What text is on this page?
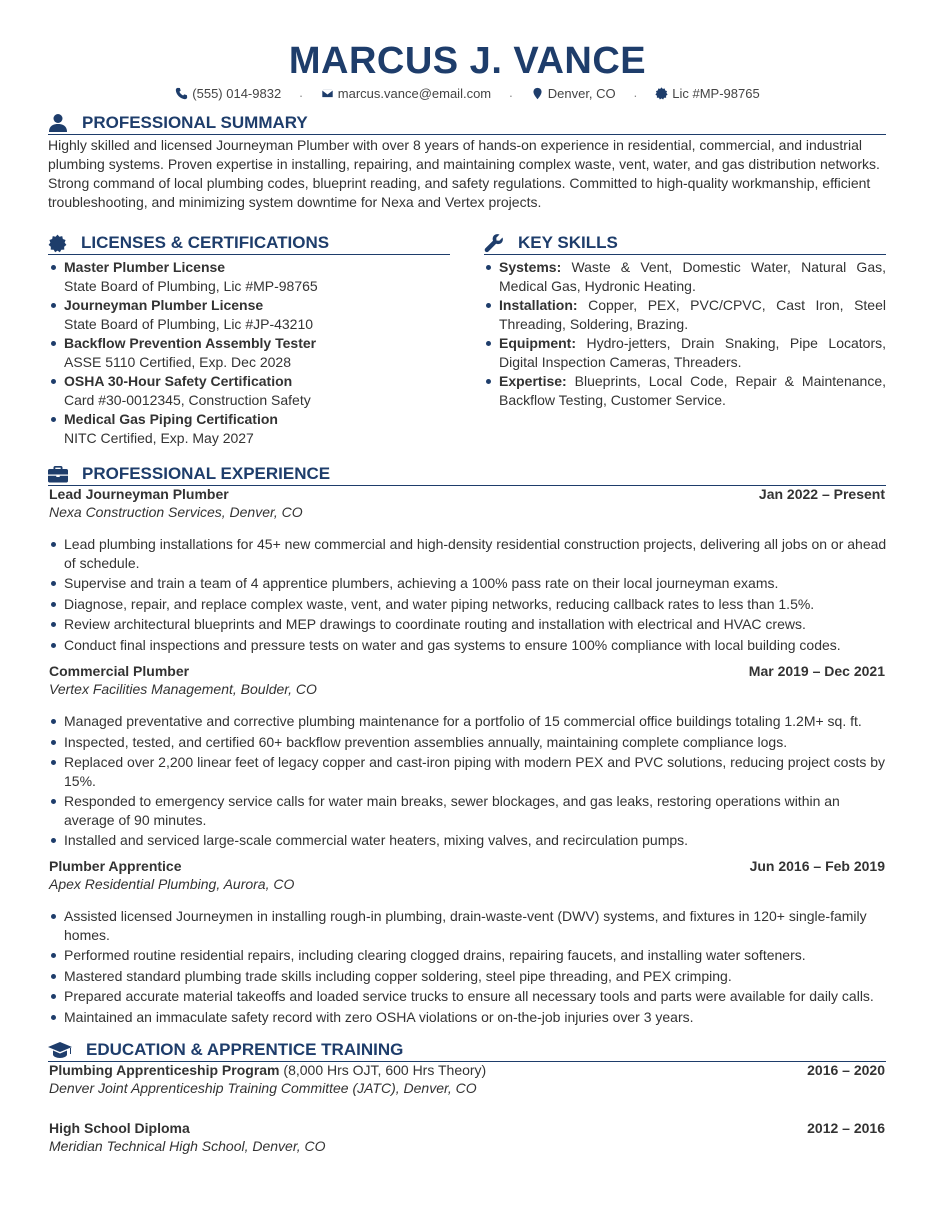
MARCUS J. VANCE
(555) 014-9832 ·	marcus.vance@email.com ·	Denver, CO ·	Lic #MP-98765
PROFESSIONAL SUMMARY
Highly skilled and licensed Journeyman Plumber with over 8 years of hands-on experience in residential, commercial, and industrial plumbing systems. Proven expertise in installing, repairing, and maintaining complex waste, vent, water, and gas distribution networks. Strong command of local plumbing codes, blueprint reading, and safety regulations. Committed to high-quality workmanship, efficient troubleshooting, and minimizing system downtime for Nexa and Vertex projects.
LICENSES & CERTIFICATIONS
Master Plumber License
State Board of Plumbing, Lic #MP-98765
Journeyman Plumber License
State Board of Plumbing, Lic #JP-43210
Backflow Prevention Assembly Tester
ASSE 5110 Certified, Exp. Dec 2028
OSHA 30-Hour Safety Certification
Card #30-0012345, Construction Safety
Medical Gas Piping Certification
NITC Certified, Exp. May 2027
KEY SKILLS
Systems: Waste & Vent, Domestic Water, Natural Gas, Medical Gas, Hydronic Heating.
Installation: Copper, PEX, PVC/CPVC, Cast Iron, Steel Threading, Soldering, Brazing.
Equipment: Hydro-jetters, Drain Snaking, Pipe Locators, Digital Inspection Cameras, Threaders.
Expertise: Blueprints, Local Code, Repair & Maintenance, Backflow Testing, Customer Service.
PROFESSIONAL EXPERIENCE
Lead Journeyman Plumber	Jan 2022 – Present
Nexa Construction Services, Denver, CO
Lead plumbing installations for 45+ new commercial and high-density residential construction projects, delivering all jobs on or ahead of schedule.
Supervise and train a team of 4 apprentice plumbers, achieving a 100% pass rate on their local journeyman exams.
Diagnose, repair, and replace complex waste, vent, and water piping networks, reducing callback rates to less than 1.5%.
Review architectural blueprints and MEP drawings to coordinate routing and installation with electrical and HVAC crews.
Conduct final inspections and pressure tests on water and gas systems to ensure 100% compliance with local building codes.
Commercial Plumber	Mar 2019 – Dec 2021
Vertex Facilities Management, Boulder, CO
Managed preventative and corrective plumbing maintenance for a portfolio of 15 commercial office buildings totaling 1.2M+ sq. ft.
Inspected, tested, and certified 60+ backflow prevention assemblies annually, maintaining complete compliance logs.
Replaced over 2,200 linear feet of legacy copper and cast-iron piping with modern PEX and PVC solutions, reducing project costs by 15%.
Responded to emergency service calls for water main breaks, sewer blockages, and gas leaks, restoring operations within an average of 90 minutes.
Installed and serviced large-scale commercial water heaters, mixing valves, and recirculation pumps.
Plumber Apprentice	Jun 2016 – Feb 2019
Apex Residential Plumbing, Aurora, CO
Assisted licensed Journeymen in installing rough-in plumbing, drain-waste-vent (DWV) systems, and fixtures in 120+ single-family homes.
Performed routine residential repairs, including clearing clogged drains, repairing faucets, and installing water softeners.
Mastered standard plumbing trade skills including copper soldering, steel pipe threading, and PEX crimping.
Prepared accurate material takeoffs and loaded service trucks to ensure all necessary tools and parts were available for daily calls.
Maintained an immaculate safety record with zero OSHA violations or on-the-job injuries over 3 years.
EDUCATION & APPRENTICE TRAINING
Plumbing Apprenticeship Program (8,000 Hrs OJT, 600 Hrs Theory)	2016 – 2020
Denver Joint Apprenticeship Training Committee (JATC), Denver, CO
High School Diploma	2012 – 2016
Meridian Technical High School, Denver, CO
